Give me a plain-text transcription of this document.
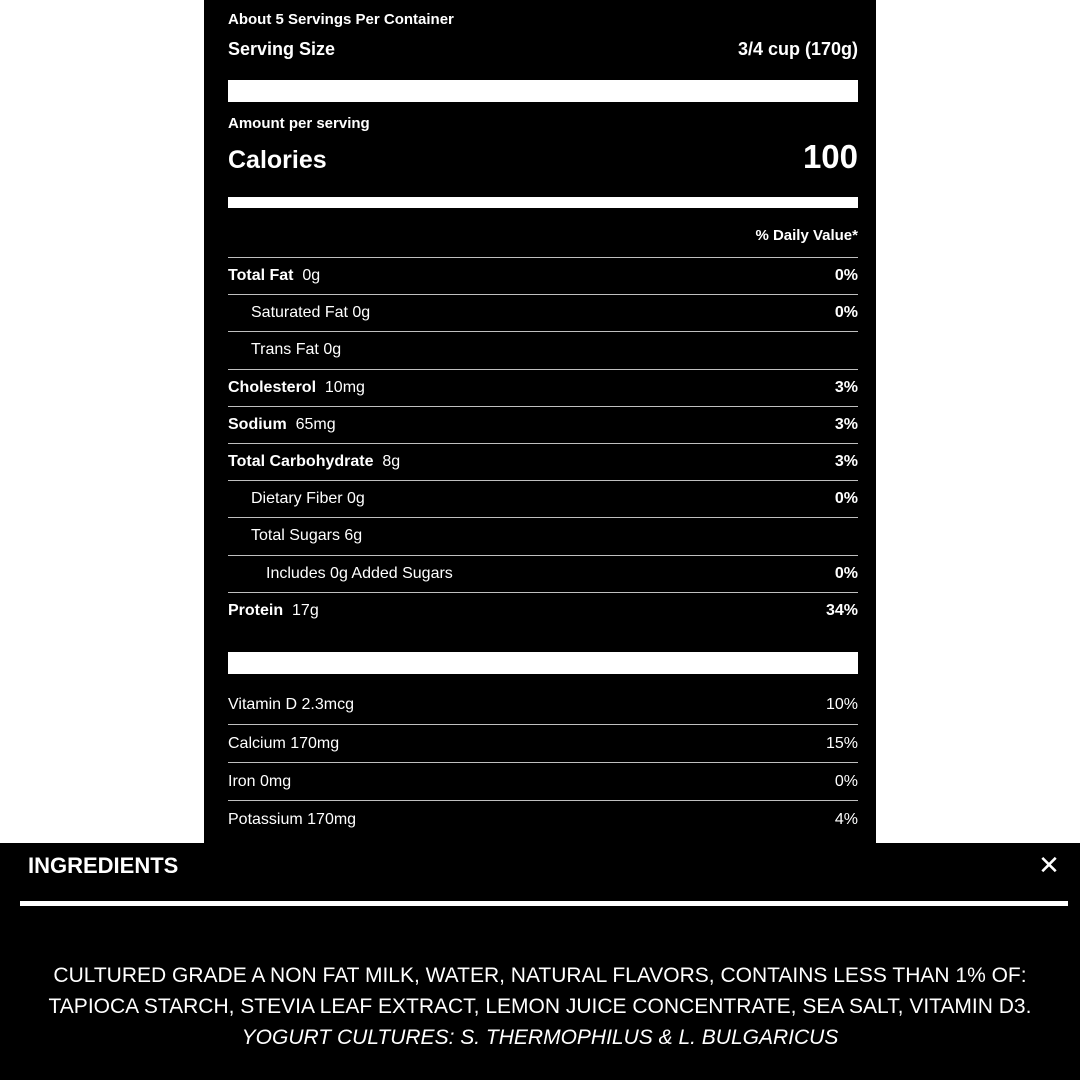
About 5 Servings Per Container
Serving Size	3/4 cup (170g)
Amount per serving
Calories	100
% Daily Value*
Total Fat 0g	0%
Saturated Fat 0g	0%
Trans Fat 0g
Cholesterol 10mg	3%
Sodium 65mg	3%
Total Carbohydrate 8g	3%
Dietary Fiber 0g	0%
Total Sugars 6g
Includes 0g Added Sugars	0%
Protein 17g	34%
Vitamin D 2.3mcg	10%
Calcium 170mg	15%
Iron 0mg	0%
Potassium 170mg	4%
INGREDIENTS	✕
CULTURED GRADE A NON FAT MILK, WATER, NATURAL FLAVORS, CONTAINS LESS THAN 1% OF:
TAPIOCA STARCH, STEVIA LEAF EXTRACT, LEMON JUICE CONCENTRATE, SEA SALT, VITAMIN D3.
YOGURT CULTURES: S. THERMOPHILUS & L. BULGARICUS
